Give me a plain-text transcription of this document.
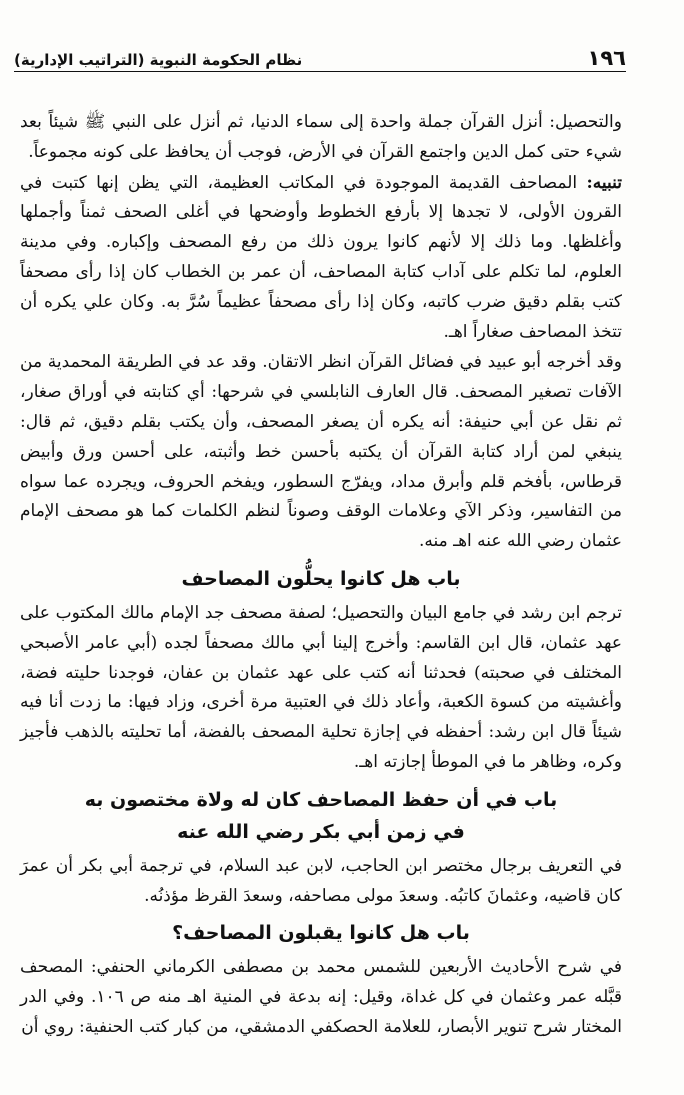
١٩٦
نظام الحكومة النبوية (التراتيب الإدارية)

والتحصيل: أنزل القرآن جملة واحدة إلى سماء الدنيا، ثم أنزل على النبي ﷺ شيئاً بعد شيء حتى كمل الدين واجتمع القرآن في الأرض، فوجب أن يحافظ على كونه مجموعاً.

تنبيه: المصاحف القديمة الموجودة في المكاتب العظيمة، التي يظن إنها كتبت في القرون الأولى، لا تجدها إلا بأرفع الخطوط وأوضحها في أغلى الصحف ثمناً وأجملها وأغلظها. وما ذلك إلا لأنهم كانوا يرون ذلك من رفع المصحف وإكباره. وفي مدينة العلوم، لما تكلم على آداب كتابة المصاحف، أن عمر بن الخطاب كان إذا رأى مصحفاً كتب بقلم دقيق ضرب كاتبه، وكان إذا رأى مصحفاً عظيماً سُرَّ به. وكان علي يكره أن تتخذ المصاحف صغاراً اهـ.

وقد أخرجه أبو عبيد في فضائل القرآن انظر الاتقان. وقد عد في الطريقة المحمدية من الآفات تصغير المصحف. قال العارف النابلسي في شرحها: أي كتابته في أوراق صغار، ثم نقل عن أبي حنيفة: أنه يكره أن يصغر المصحف، وأن يكتب بقلم دقيق، ثم قال: ينبغي لمن أراد كتابة القرآن أن يكتبه بأحسن خط وأثبته، على أحسن ورق وأبيض قرطاس، بأفخم قلم وأبرق مداد، ويفرّج السطور، ويفخم الحروف، ويجرده عما سواه من التفاسير، وذكر الآي وعلامات الوقف وصوناً لنظم الكلمات كما هو مصحف الإمام عثمان رضي الله عنه اهـ منه.

باب هل كانوا يحلُّون المصاحف

ترجم ابن رشد في جامع البيان والتحصيل؛ لصفة مصحف جد الإمام مالك المكتوب على عهد عثمان، قال ابن القاسم: وأخرج إلينا أبي مالك مصحفاً لجده (أبي عامر الأصبحي المختلف في صحبته) فحدثنا أنه كتب على عهد عثمان بن عفان، فوجدنا حليته فضة، وأغشيته من كسوة الكعبة، وأعاد ذلك في العتبية مرة أخرى، وزاد فيها: ما زدت أنا فيه شيئاً قال ابن رشد: أحفظه في إجازة تحلية المصحف بالفضة، أما تحليته بالذهب فأجيز وكره، وظاهر ما في الموطأ إجازته اهـ.

باب في أن حفظ المصاحف كان له ولاة مختصون به
في زمن أبي بكر رضي الله عنه

في التعريف برجال مختصر ابن الحاجب، لابن عبد السلام، في ترجمة أبي بكر أن عمرَ كان قاضيه، وعثمانَ كاتبُه. وسعدَ مولى مصاحفه، وسعدَ القرظ مؤذنُه.

باب هل كانوا يقبلون المصاحف؟

في شرح الأحاديث الأربعين للشمس محمد بن مصطفى الكرماني الحنفي: المصحف قبَّله عمر وعثمان في كل غداة، وقيل: إنه بدعة في المنية اهـ منه ص ١٠٦. وفي الدر المختار شرح تنوير الأبصار، للعلامة الحصكفي الدمشقي، من كبار كتب الحنفية: روي أن
